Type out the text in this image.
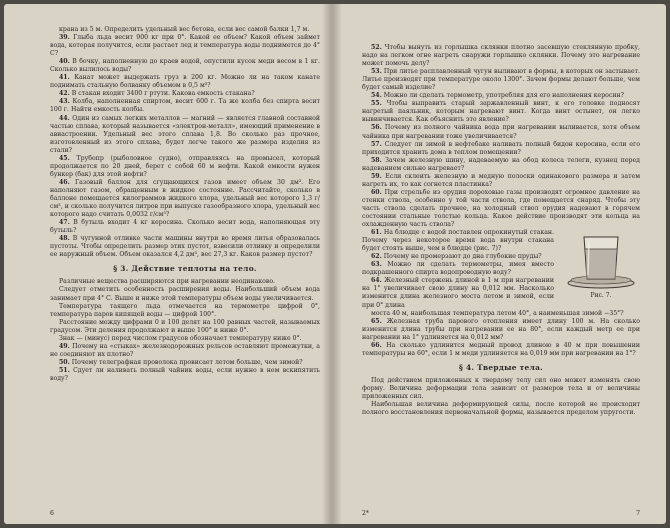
крана из 5 м. Определить удельный вес бетона, если вес самой балки 1,7 м.

39. Глыба льда весит 900 кг при 0°. Какой ее объем? Какой объем займет вода, которая получится, если растает лед и температура воды поднимется до 4° С?

40. В бочку, наполненную до краев водой, опустили кусок меди весом в 1 кг. Сколько вылилось воды?

41. Канат может выдержать груз в 200 кг. Можно ли на таком канате поднимать стальную болванку объемом в 0,5 м³?

42. В стакан входит 3400 г ртути. Какова емкость стакана?

43. Колба, наполненная спиртом, весит 600 г. Та же колба без спирта весит 100 г. Найти емкость колбы.

44. Один из самых легких металлов — магний — является главной составной частью сплава, который называется «электрон-металл», имеющий применение в авиастроении. Удельный вес этого сплава 1,8. Во сколько раз прочнее, изготовленный из этого сплава, будет легче такого же размера изделия из стали?

45. Трубопр (рыболовное судно), отправляясь на промысел, который продолжается по 20 дней, берет с собой 60 м нефти. Какой емкости нужен бункер (бак) для этой нефти?

46. Газовый баллон для сгущающихся газов имеет объем 30 дм³. Его наполняют газом, обращенным в жидкое состояние. Рассчитайте, сколько в баллоне помещается килограммов жидкого хлора, удельный вес которого 1,3 г/см³, и сколько получится литров при выпуске газообразного хлора, удельный вес которого надо считать 0,0032 г/см³?

47. В бутыль входит 4 кг керосина. Сколько весит вода, наполняющая эту бутыль?

48. В чугунной отливке части машины внутри во время литья образовалась пустоты. Чтобы определить размер этих пустот, взвесили отливку и определили ее наружный объем. Объем оказался 4,2 дм³, вес 27,3 кг. Каков размер пустот?

§ 3. Действие теплоты на тело.

Различные вещества расширяются при нагревании неодинаково.

Следует отметить особенность расширения воды. Наибольший объем вода занимает при 4° С. Выше и ниже этой температуры объем воды увеличивается.

Температура таящего льда отмечается на термометре цифрой 0°, температура паров кипящей воды — цифрой 100°.

Расстояние между цифрами 0 и 100 делят на 100 равных частей, называемых градусом. Эти деления продолжают и выше 100° и ниже 0°.

Знак — (минус) перед числом градусов обозначает температуру ниже 0°.

49. Почему на «стыках» железнодорожных рельсов оставляют промежутки, а не соединяют их плотно?

50. Почему телеграфная проволока провисает летом больше, чем зимой?

51. Сдует ли наливать полный чайник воды, если нужно в нем вскипятить воду?

6

52. Чтобы вынуть из горлышка склянки плотно засевшую стеклянную пробку, надо на легком огне нагреть снаружи горлышко склянки. Почему это нагревание может помочь делу?

53. При литье расплавленный чугун выливают в формы, в которых он застывает. Литье производят при температуре около 1300°. Зачем формы делают больше, чем будет самый изделие?

54. Можно ли сделать термометр, употребляя для его наполнения керосин?

55. Чтобы выправить старый заржавленный винт, к его головке подносят нагретый паяльник, которым нагревают винт. Когда винт остынет, он легко вывинчивается. Как объяснить это явление?

56. Почему из полного чайника вода при нагревании выливается, хотя объем чайника при нагревании тоже увеличивается?

57. Следует ли зимой в нефтебаке наливать полный бидон керосина, если его приходится хранить дома в теплом помещении?

58. Зачем железную шину, надеваемую на обод колеса телеги, кузнец перед надеванием сильно нагревает?

59. Если склеить железную и медную полоски одинакового размера и затем нагреть их, то как согнется пластинка?

60. При стрельбе из орудия пороховые газы производят огромное давление на стенки ствола, особенно у той части ствола, где помещается снаряд. Чтобы эту часть ствола сделать прочнее, на холодный ствол орудия надевают в горячем состоянии стальные толстые кольца. Какое действие производят эти кольца на охлажденную часть ствола?

61. На блюдце с водой поставлен опрокинутый стакан. Почему через некоторое время вода внутри стакана будет стоять выше, чем в блюдце (рис. 7)?

62. Почему не промерзают до дна глубокие пруды?

63. Можно ли сделать термометры, имея вместо подкрашенного спирта водопроводную воду?

64. Железный стержень длиной в 1 м при нагревании на 1° увеличивает свою длину на 0,012 мм. Насколько изменится длина железного моста летом и зимой, если при 0° длина

Рис. 7.

моста 40 м, наибольшая температура летом 40°, а наименьшая зимой −35°?

65. Железная труба парового отопления имеет длину 100 м. На сколько изменится длина трубы при нагревании ее на 80°, если каждый метр ее при нагревании на 1° удлиняется на 0,012 мм?

66. На сколько удлинится медный провод длиною в 40 м при повышении температуры на 60°, если 1 м меди удлиняется на 0,019 мм при нагревании на 1°?

§ 4. Твердые тела.

Под действием приложенных к твердому телу сил оно может изменять свою форму. Величина деформации тела зависит от размеров тела и от величины приложенных сил.

Наибольшая величина деформирующей силы, после которой не происходит полного восстановления первоначальной формы, называется пределом упругости.

2*	7
